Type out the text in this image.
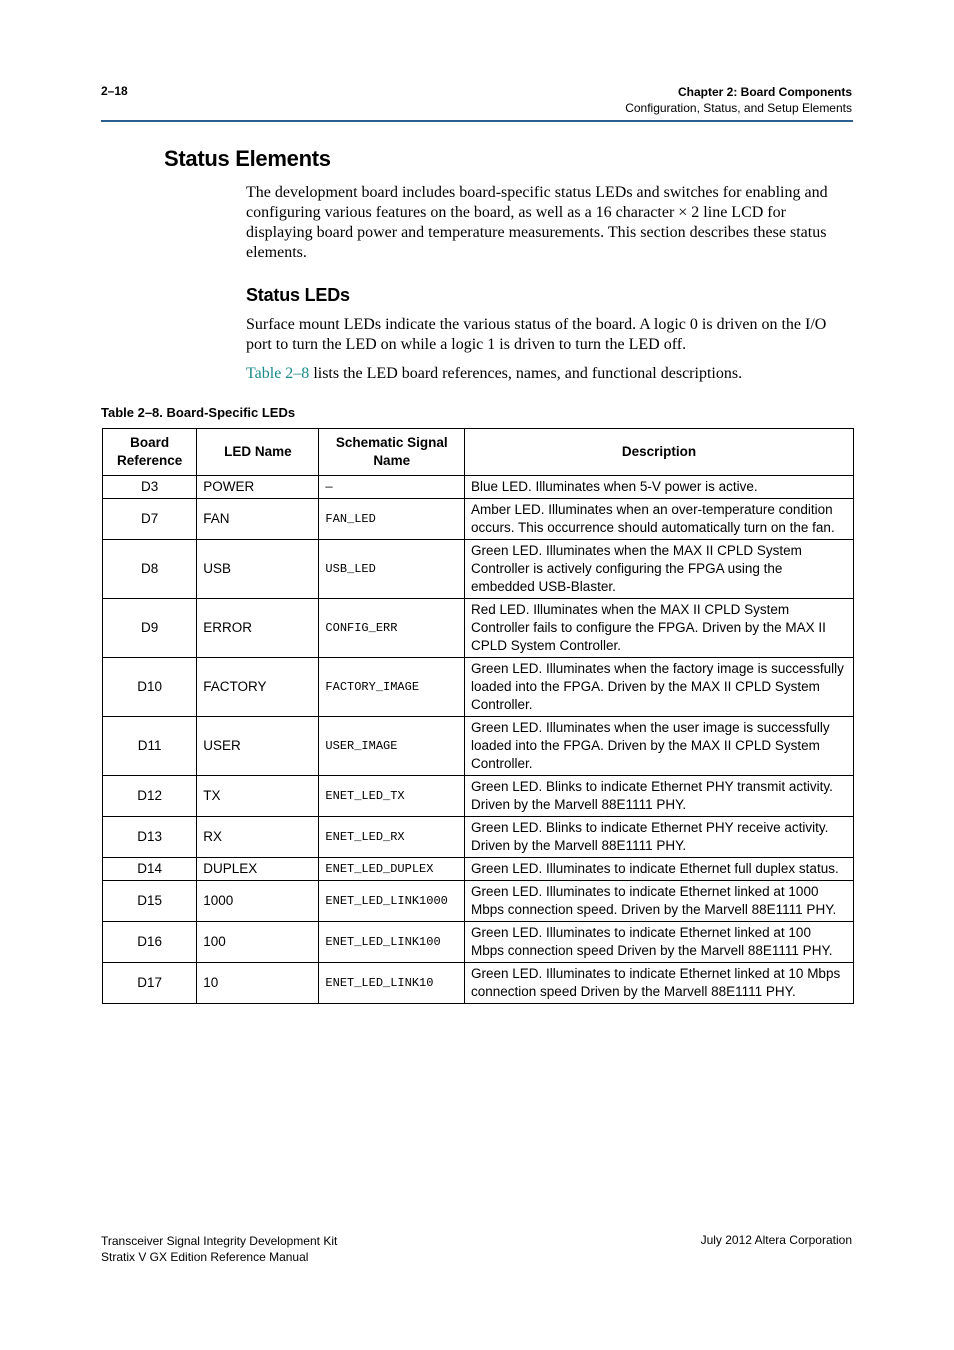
2–18	Chapter 2: Board Components
Configuration, Status, and Setup Elements
Status Elements

The development board includes board-specific status LEDs and switches for enabling and configuring various features on the board, as well as a 16 character × 2 line LCD for displaying board power and temperature measurements. This section describes these status elements.

Status LEDs

Surface mount LEDs indicate the various status of the board. A logic 0 is driven on the I/O port to turn the LED on while a logic 1 is driven to turn the LED off.

Table 2–8 lists the LED board references, names, and functional descriptions.

Table 2–8. Board-Specific LEDs
Board Reference	LED Name	Schematic Signal Name	Description
D3	POWER	—	Blue LED. Illuminates when 5-V power is active.
D7	FAN	FAN_LED	Amber LED. Illuminates when an over-temperature condition occurs. This occurrence should automatically turn on the fan.
D8	USB	USB_LED	Green LED. Illuminates when the MAX II CPLD System Controller is actively configuring the FPGA using the embedded USB-Blaster.
D9	ERROR	CONFIG_ERR	Red LED. Illuminates when the MAX II CPLD System Controller fails to configure the FPGA. Driven by the MAX II CPLD System Controller.
D10	FACTORY	FACTORY_IMAGE	Green LED. Illuminates when the factory image is successfully loaded into the FPGA. Driven by the MAX II CPLD System Controller.
D11	USER	USER_IMAGE	Green LED. Illuminates when the user image is successfully loaded into the FPGA. Driven by the MAX II CPLD System Controller.
D12	TX	ENET_LED_TX	Green LED. Blinks to indicate Ethernet PHY transmit activity. Driven by the Marvell 88E1111 PHY.
D13	RX	ENET_LED_RX	Green LED. Blinks to indicate Ethernet PHY receive activity. Driven by the Marvell 88E1111 PHY.
D14	DUPLEX	ENET_LED_DUPLEX	Green LED. Illuminates to indicate Ethernet full duplex status.
D15	1000	ENET_LED_LINK1000	Green LED. Illuminates to indicate Ethernet linked at 1000 Mbps connection speed. Driven by the Marvell 88E1111 PHY.
D16	100	ENET_LED_LINK100	Green LED. Illuminates to indicate Ethernet linked at 100 Mbps connection speed Driven by the Marvell 88E1111 PHY.
D17	10	ENET_LED_LINK10	Green LED. Illuminates to indicate Ethernet linked at 10 Mbps connection speed Driven by the Marvell 88E1111 PHY.
Transceiver Signal Integrity Development Kit
Stratix V GX Edition Reference Manual
July 2012 Altera Corporation
